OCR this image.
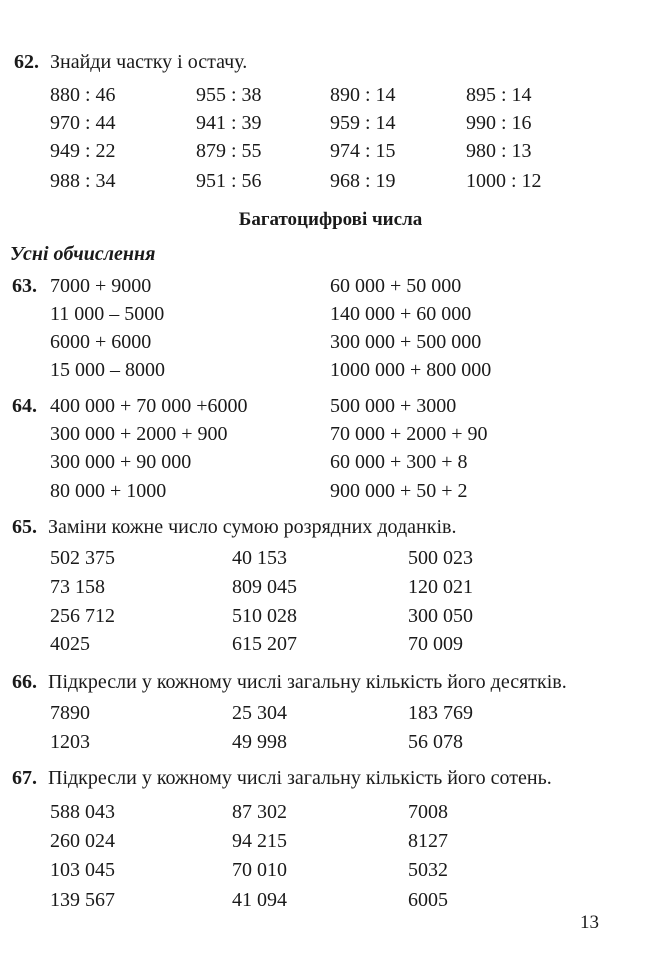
62. Знайди частку і остачу.
880 : 46	955 : 38	890 : 14	895 : 14
970 : 44	941 : 39	959 : 14	990 : 16
949 : 22	879 : 55	974 : 15	980 : 13
988 : 34	951 : 56	968 : 19	1000 : 12
Багатоцифрові числа
Усні обчислення
63. 7000 + 9000	60 000 + 50 000
11 000 – 5000	140 000 + 60 000
6000 + 6000	300 000 + 500 000
15 000 – 8000	1000 000 + 800 000
64. 400 000 + 70 000 +6000	500 000 + 3000
300 000 + 2000 + 900	70 000 + 2000 + 90
300 000 + 90 000	60 000 + 300 + 8
80 000 + 1000	900 000 + 50 + 2
65. Заміни кожне число сумою розрядних доданків.
502 375	40 153	500 023
73 158	809 045	120 021
256 712	510 028	300 050
4025	615 207	70 009
66. Підкресли у кожному числі загальну кількість його десятків.
7890	25 304	183 769
1203	49 998	56 078
67. Підкресли у кожному числі загальну кількість його сотень.
588 043	87 302	7008
260 024	94 215	8127
103 045	70 010	5032
139 567	41 094	6005
13
